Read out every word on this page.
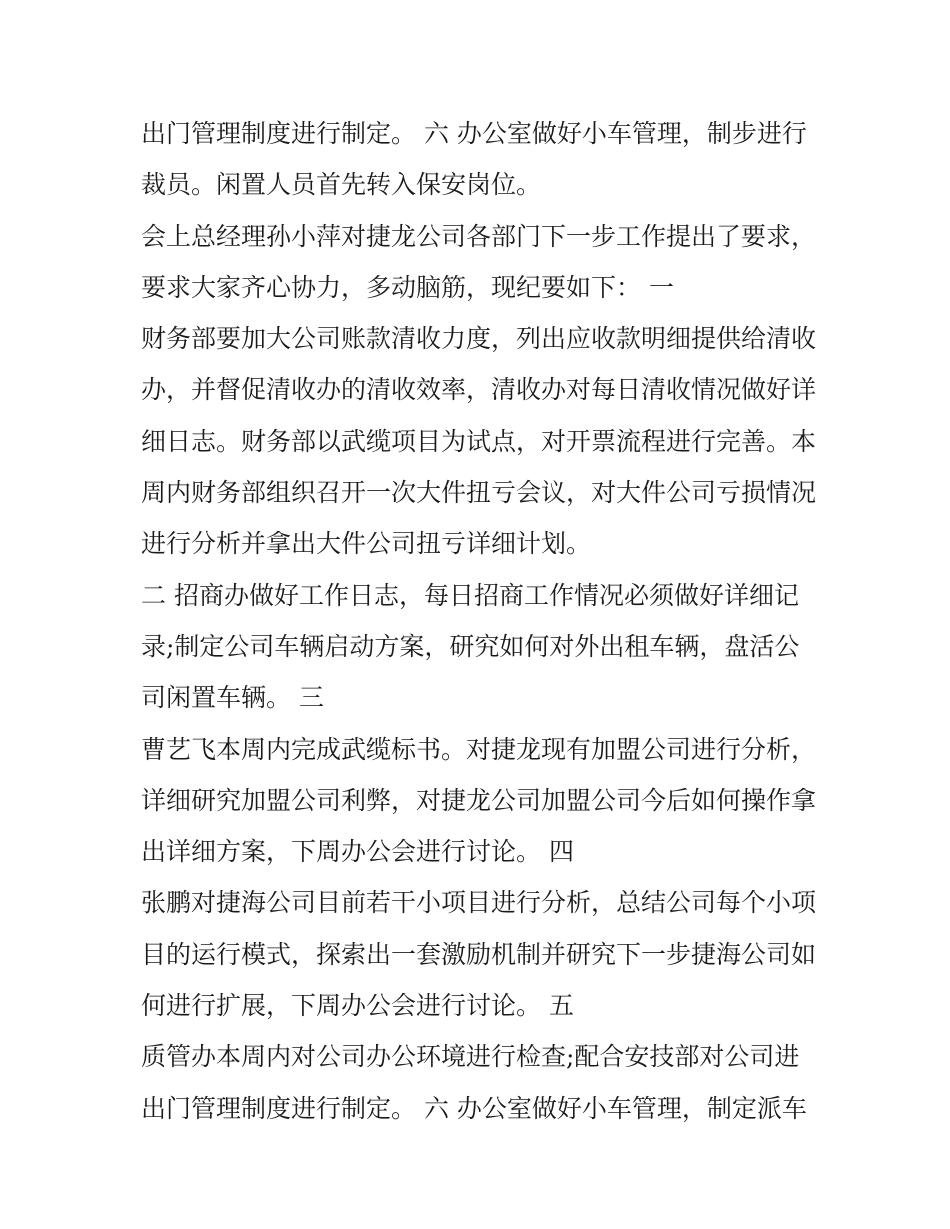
出门管理制度进行制定。 六 办公室做好小车管理，制步进行
裁员。闲置人员首先转入保安岗位。
会上总经理孙小萍对捷龙公司各部门下一步工作提出了要求，
要求大家齐心协力，多动脑筋，现纪要如下： 一
财务部要加大公司账款清收力度，列出应收款明细提供给清收
办，并督促清收办的清收效率，清收办对每日清收情况做好详
细日志。财务部以武缆项目为试点，对开票流程进行完善。本
周内财务部组织召开一次大件扭亏会议，对大件公司亏损情况
进行分析并拿出大件公司扭亏详细计划。
二 招商办做好工作日志，每日招商工作情况必须做好详细记
录;制定公司车辆启动方案，研究如何对外出租车辆，盘活公
司闲置车辆。 三
曹艺飞本周内完成武缆标书。对捷龙现有加盟公司进行分析，
详细研究加盟公司利弊，对捷龙公司加盟公司今后如何操作拿
出详细方案，下周办公会进行讨论。 四
张鹏对捷海公司目前若干小项目进行分析，总结公司每个小项
目的运行模式，探索出一套激励机制并研究下一步捷海公司如
何进行扩展，下周办公会进行讨论。 五
质管办本周内对公司办公环境进行检查;配合安技部对公司进
出门管理制度进行制定。 六 办公室做好小车管理，制定派车
